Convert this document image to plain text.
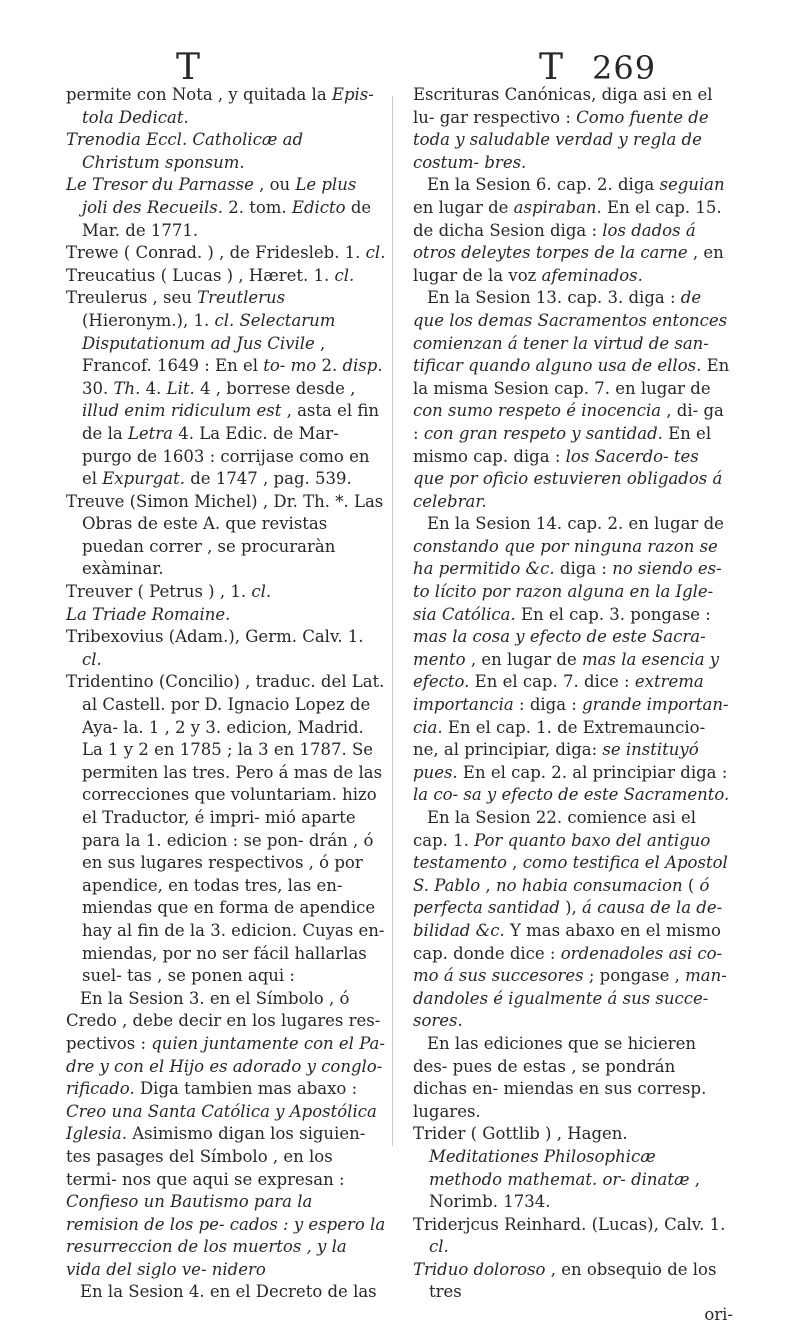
T	T 269

permite con Nota , y quitada la Epis- tola Dedicat.

Trenodia Eccl. Catholicæ ad Christum sponsum.

Le Tresor du Parnasse , ou Le plus joli des Recueils. 2. tom. Edicto de Mar. de 1771.

Trewe ( Conrad. ) , de Fridesleb. 1. cl.

Treucatius ( Lucas ) , Hæret. 1. cl.

Treulerus , seu Treutlerus (Hieronym.), 1. cl. Selectarum Disputationum ad Jus Civile , Francof. 1649 : En el to- mo 2. disp. 30. Th. 4. Lit. 4 , borrese desde , illud enim ridiculum est , asta el fin de la Letra 4. La Edic. de Mar- purgo de 1603 : corrijase como en el Expurgat. de 1747 , pag. 539.

Treuve (Simon Michel) , Dr. Th. *. Las Obras de este A. que revistas puedan correr , se procuraràn exàminar.

Treuver ( Petrus ) , 1. cl.

La Triade Romaine.

Tribexovius (Adam.), Germ. Calv. 1. cl.

Tridentino (Concilio) , traduc. del Lat. al Castell. por D. Ignacio Lopez de Aya- la. 1 , 2 y 3. edicion, Madrid. La 1 y 2 en 1785 ; la 3 en 1787. Se permiten las tres. Pero á mas de las correcciones que voluntariam. hizo el Traductor, é impri- mió aparte para la 1. edicion : se pon- drán , ó en sus lugares respectivos , ó por apendice, en todas tres, las en- miendas que en forma de apendice hay al fin de la 3. edicion. Cuyas en- miendas, por no ser fácil hallarlas suel- tas , se ponen aqui :

En la Sesion 3. en el Símbolo , ó Credo , debe decir en los lugares res- pectivos : quien juntamente con el Pa- dre y con el Hijo es adorado y conglo- rificado. Diga tambien mas abaxo : Creo una Santa Católica y Apostólica Iglesia. Asimismo digan los siguien- tes pasages del Símbolo , en los termi- nos que aqui se expresan : Confieso un Bautismo para la remision de los pe- cados : y espero la resurreccion de los muertos , y la vida del siglo ve- nidero

En la Sesion 4. en el Decreto de las

Escrituras Canónicas, diga asi en el lu- gar respectivo : Como fuente de toda y saludable verdad y regla de costum- bres.

En la Sesion 6. cap. 2. diga seguian en lugar de aspiraban. En el cap. 15. de dicha Sesion diga : los dados á otros deleytes torpes de la carne , en lugar de la voz afeminados.

En la Sesion 13. cap. 3. diga : de que los demas Sacramentos entonces comienzan á tener la virtud de san- tificar quando alguno usa de ellos. En la misma Sesion cap. 7. en lugar de con sumo respeto é inocencia , di- ga : con gran respeto y santidad. En el mismo cap. diga : los Sacerdo- tes que por oficio estuvieren obligados á celebrar.

En la Sesion 14. cap. 2. en lugar de constando que por ninguna razon se ha permitido &c. diga : no siendo es- to lícito por razon alguna en la Igle- sia Católica. En el cap. 3. pongase : mas la cosa y efecto de este Sacra- mento , en lugar de mas la esencia y efecto. En el cap. 7. dice : extrema importancia : diga : grande importan- cia. En el cap. 1. de Extremauncio- ne, al principiar, diga: se instituyó pues. En el cap. 2. al principiar diga : la co- sa y efecto de este Sacramento.

En la Sesion 22. comience asi el cap. 1. Por quanto baxo del antiguo testamento , como testifica el Apostol S. Pablo , no habia consumacion ( ó perfecta santidad ), á causa de la de- bilidad &c. Y mas abaxo en el mismo cap. donde dice : ordenadoles asi co- mo á sus succesores ; pongase , man- dandoles é igualmente á sus succe- sores.

En las ediciones que se hicieren des- pues de estas , se pondrán dichas en- miendas en sus corresp. lugares.

Trider ( Gottlib ) , Hagen. Meditationes Philosophicæ methodo mathemat. or- dinatæ , Norimb. 1734.

Triderjcus Reinhard. (Lucas), Calv. 1. cl.

Triduo doloroso , en obsequio de los tres

ori-
